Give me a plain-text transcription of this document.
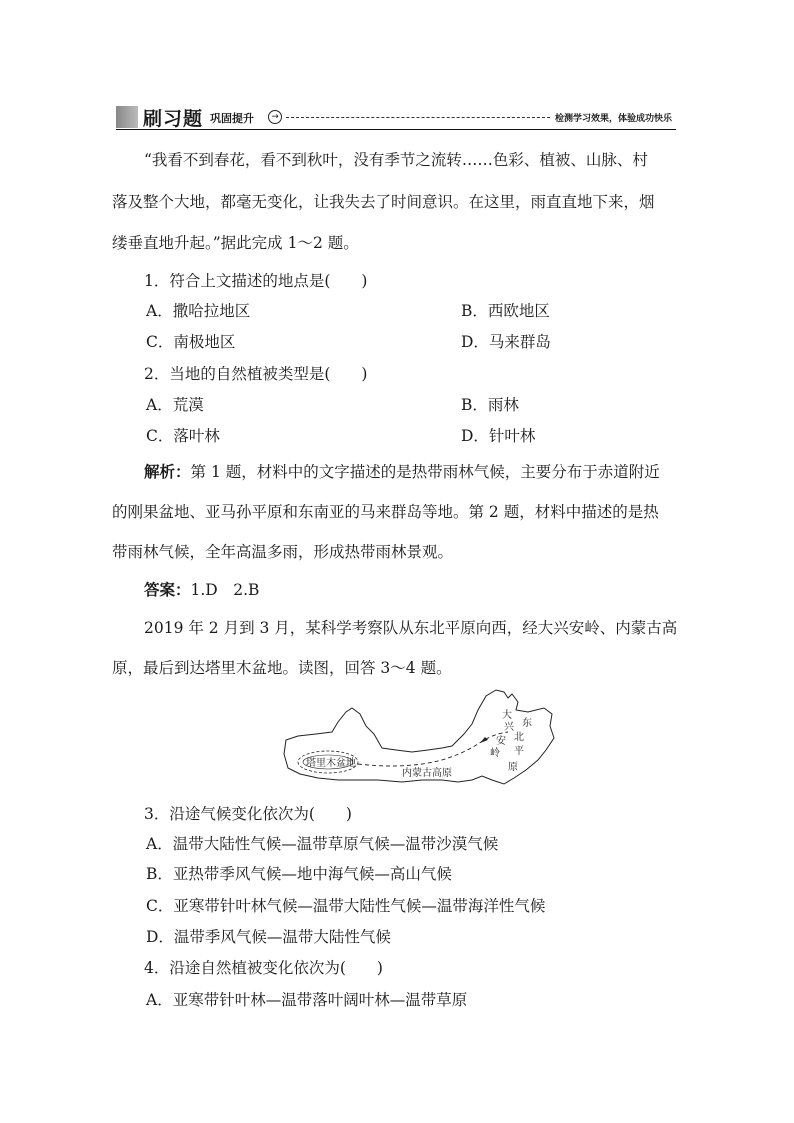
刷习题 巩固提升	→	检测学习效果，体验成功快乐
“我看不到春花，看不到秋叶，没有季节之流转……色彩、植被、山脉、村
落及整个大地，都毫无变化，让我失去了时间意识。在这里，雨直直地下来，烟
缕垂直地升起。”据此完成 1～2 题。
1．符合上文描述的地点是(　　)
A．撒哈拉地区	B．西欧地区
C．南极地区	D．马来群岛
2．当地的自然植被类型是(　　)
A．荒漠	B．雨林
C．落叶林	D．针叶林
解析：第 1 题，材料中的文字描述的是热带雨林气候，主要分布于赤道附近
的刚果盆地、亚马孙平原和东南亚的马来群岛等地。第 2 题，材料中描述的是热
带雨林气候，全年高温多雨，形成热带雨林景观。
答案：1.D　2.B
2019 年 2 月到 3 月，某科学考察队从东北平原向西，经大兴安岭、内蒙古高
原，最后到达塔里木盆地。读图，回答 3～4 题。
塔里木盆地
内蒙古高原
大
兴
安
岭
东
北
平
原
3．沿途气候变化依次为(　　)
A．温带大陆性气候—温带草原气候—温带沙漠气候
B．亚热带季风气候—地中海气候—高山气候
C．亚寒带针叶林气候—温带大陆性气候—温带海洋性气候
D．温带季风气候—温带大陆性气候
4．沿途自然植被变化依次为(　　)
A．亚寒带针叶林—温带落叶阔叶林—温带草原
